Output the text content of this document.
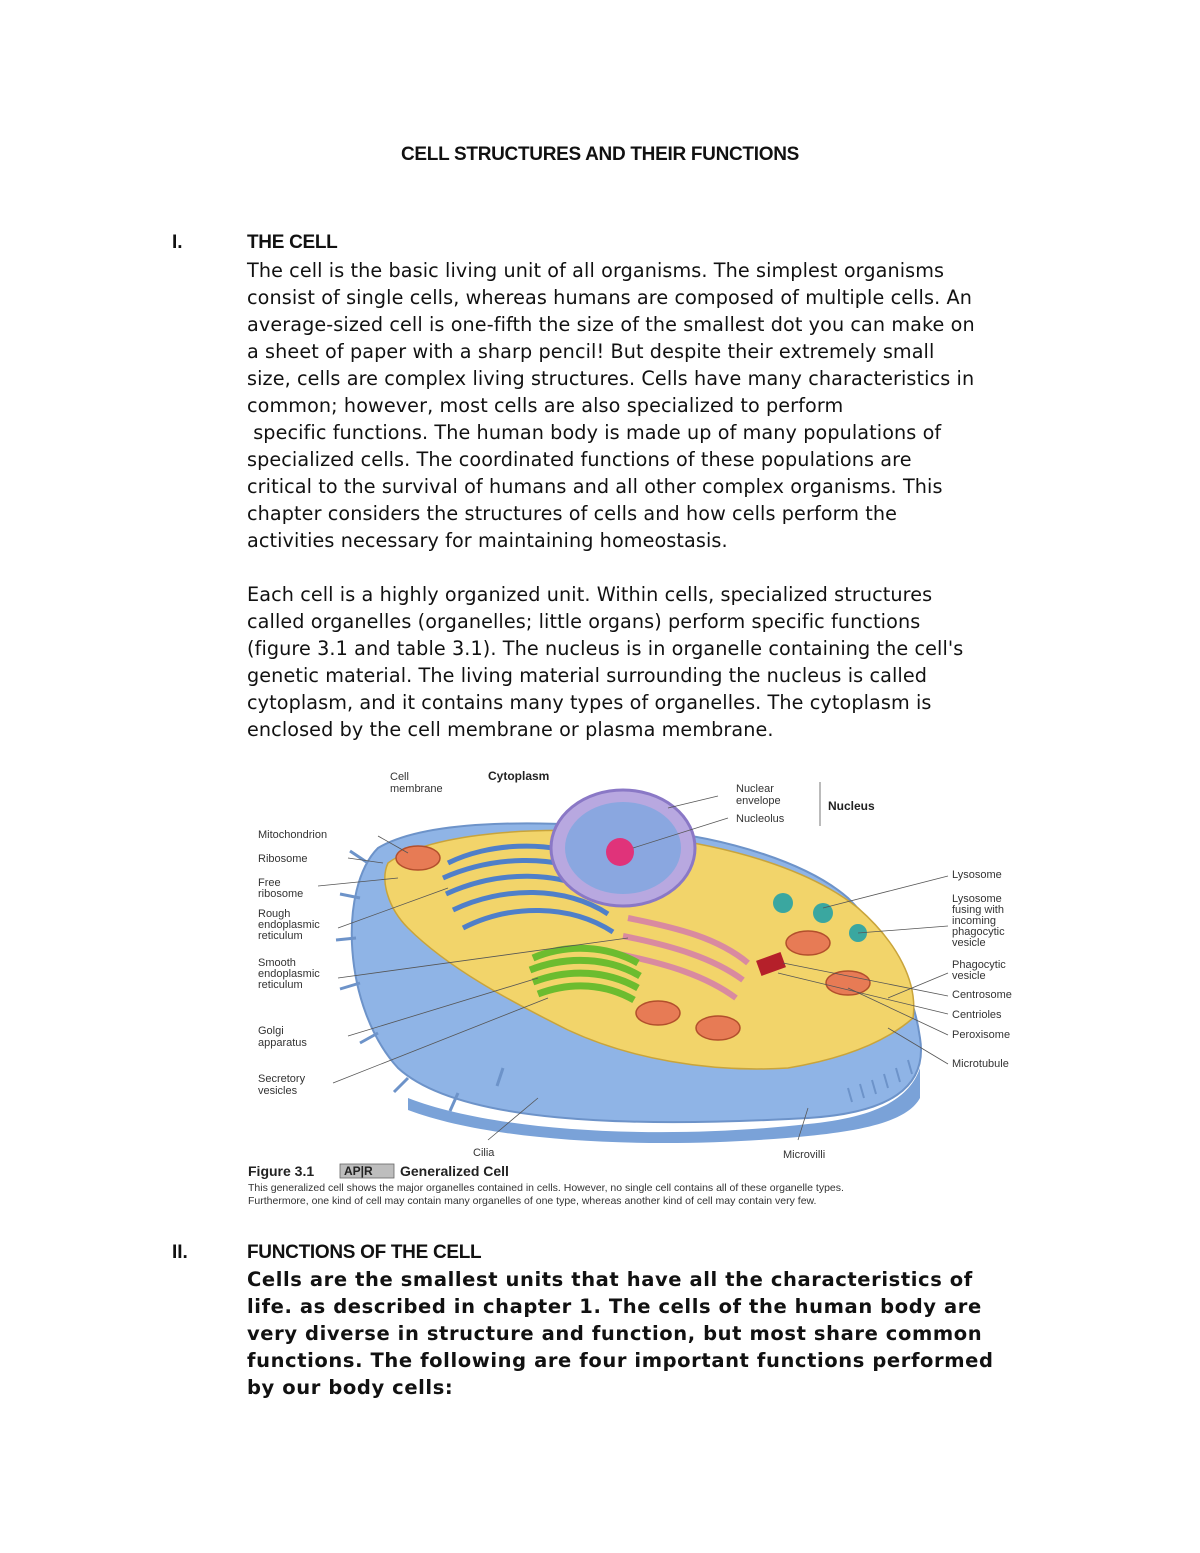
CELL STRUCTURES AND THEIR FUNCTIONS
I.	THE CELL
The cell is the basic living unit of all organisms. The simplest organisms
consist of single cells, whereas humans are composed of multiple cells. An
average-sized cell is one-fifth the size of the smallest dot you can make on
a sheet of paper with a sharp pencil! But despite their extremely small
size, cells are complex living structures. Cells have many characteristics in
common; however, most cells are also specialized to perform
specific functions. The human body is made up of many populations of
specialized cells. The coordinated functions of these populations are
critical to the survival of humans and all other complex organisms. This
chapter considers the structures of cells and how cells perform the
activities necessary for maintaining homeostasis.
Each cell is a highly organized unit. Within cells, specialized structures
called organelles (organelles; little organs) perform specific functions
(figure 3.1 and table 3.1). The nucleus is in organelle containing the cell's
genetic material. The living material surrounding the nucleus is called
cytoplasm, and it contains many types of organelles. The cytoplasm is
enclosed by the cell membrane or plasma membrane.
Cell
membrane
Cytoplasm
Nuclear
envelope
Nucleolus
Nucleus
Mitochondrion
Ribosome
Free
ribosome
Rough
endoplasmic
reticulum
Smooth
endoplasmic
reticulum
Golgi
apparatus
Secretory
vesicles
Lysosome
Lysosome
fusing with
incoming
phagocytic
vesicle
Phagocytic
vesicle
Centrosome
Centrioles
Peroxisome
Microtubule
Cilia	Microvilli
Figure 3.1 AP|R Generalized Cell
This generalized cell shows the major organelles contained in cells. However, no single cell contains all of these organelle types.
Furthermore, one kind of cell may contain many organelles of one type, whereas another kind of cell may contain very few.
II.	FUNCTIONS OF THE CELL
Cells are the smallest units that have all the characteristics of
life. as described in chapter 1. The cells of the human body are
very diverse in structure and function, but most share common
functions. The following are four important functions performed
by our body cells:
